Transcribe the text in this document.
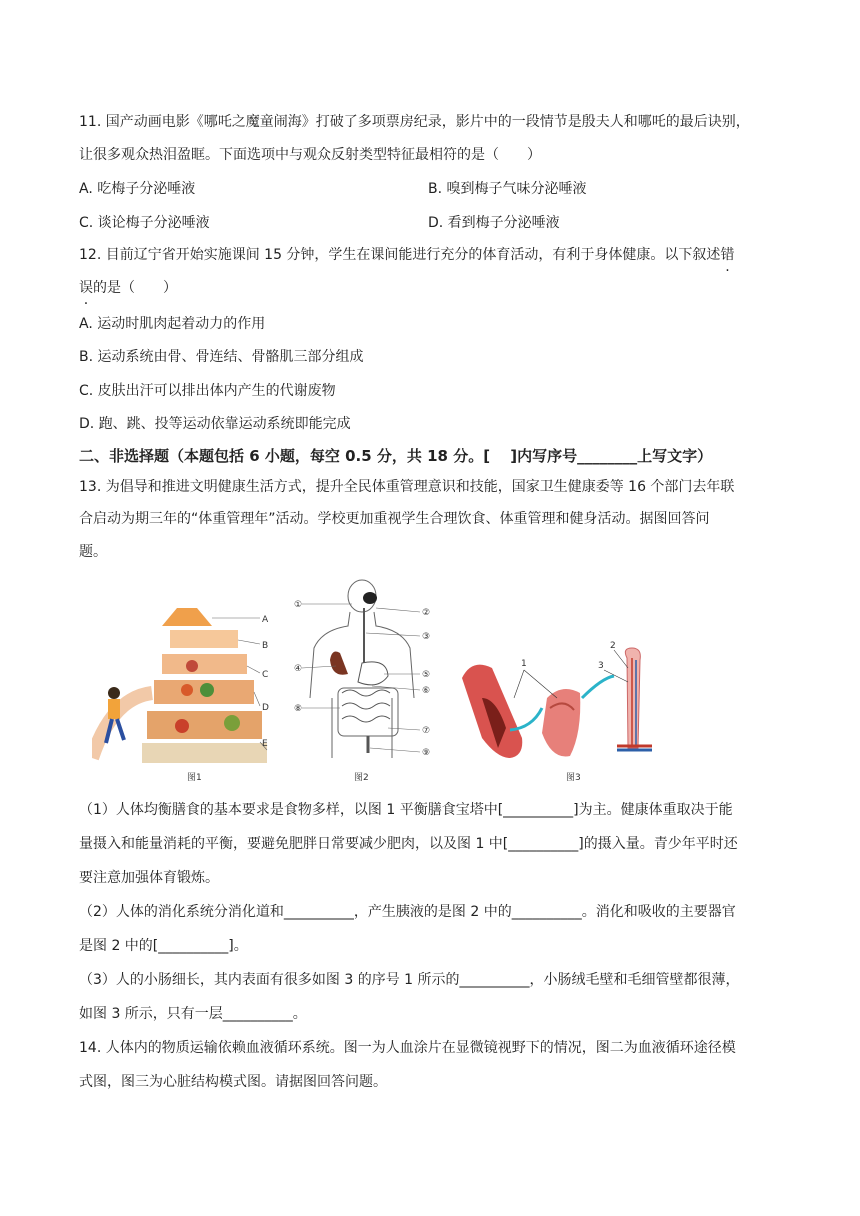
11. 国产动画电影《哪吒之魔童闹海》打破了多项票房纪录，影片中的一段情节是殷夫人和哪吒的最后诀别，
让很多观众热泪盈眶。下面选项中与观众反射类型特征最相符的是（　　）
A. 吃梅子分泌唾液	B. 嗅到梅子气味分泌唾液
C. 谈论梅子分泌唾液	D. 看到梅子分泌唾液
12. 目前辽宁省开始实施课间 15 分钟，学生在课间能进行充分的体育活动，有利于身体健康。以下叙述错
误的是（　　）
A. 运动时肌肉起着动力的作用
B. 运动系统由骨、骨连结、骨骼肌三部分组成
C. 皮肤出汗可以排出体内产生的代谢废物
D. 跑、跳、投等运动依靠运动系统即能完成
二、非选择题（本题包括 6 小题，每空 0.5 分，共 18 分。[　 ]内写序号________上写文字）
13. 为倡导和推进文明健康生活方式，提升全民体重管理意识和技能，国家卫生健康委等 16 个部门去年联
合启动为期三年的“体重管理年”活动。学校更加重视学生合理饮食、体重管理和健身活动。据图回答问
题。
A
B
C
D
E
图1
①
②
③
④
⑤
⑥
⑦
⑧
⑨
图2
1
2
3
图3
（1）人体均衡膳食的基本要求是食物多样，以图 1 平衡膳食宝塔中[__________]为主。健康体重取决于能
量摄入和能量消耗的平衡，要避免肥胖日常要减少肥肉，以及图 1 中[__________]的摄入量。青少年平时还
要注意加强体育锻炼。
（2）人体的消化系统分消化道和__________，产生胰液的是图 2 中的__________。消化和吸收的主要器官
是图 2 中的[__________]。
（3）人的小肠细长，其内表面有很多如图 3 的序号 1 所示的__________，小肠绒毛壁和毛细管壁都很薄，
如图 3 所示，只有一层__________。
14. 人体内的物质运输依赖血液循环系统。图一为人血涂片在显微镜视野下的情况，图二为血液循环途径模
式图，图三为心脏结构模式图。请据图回答问题。
